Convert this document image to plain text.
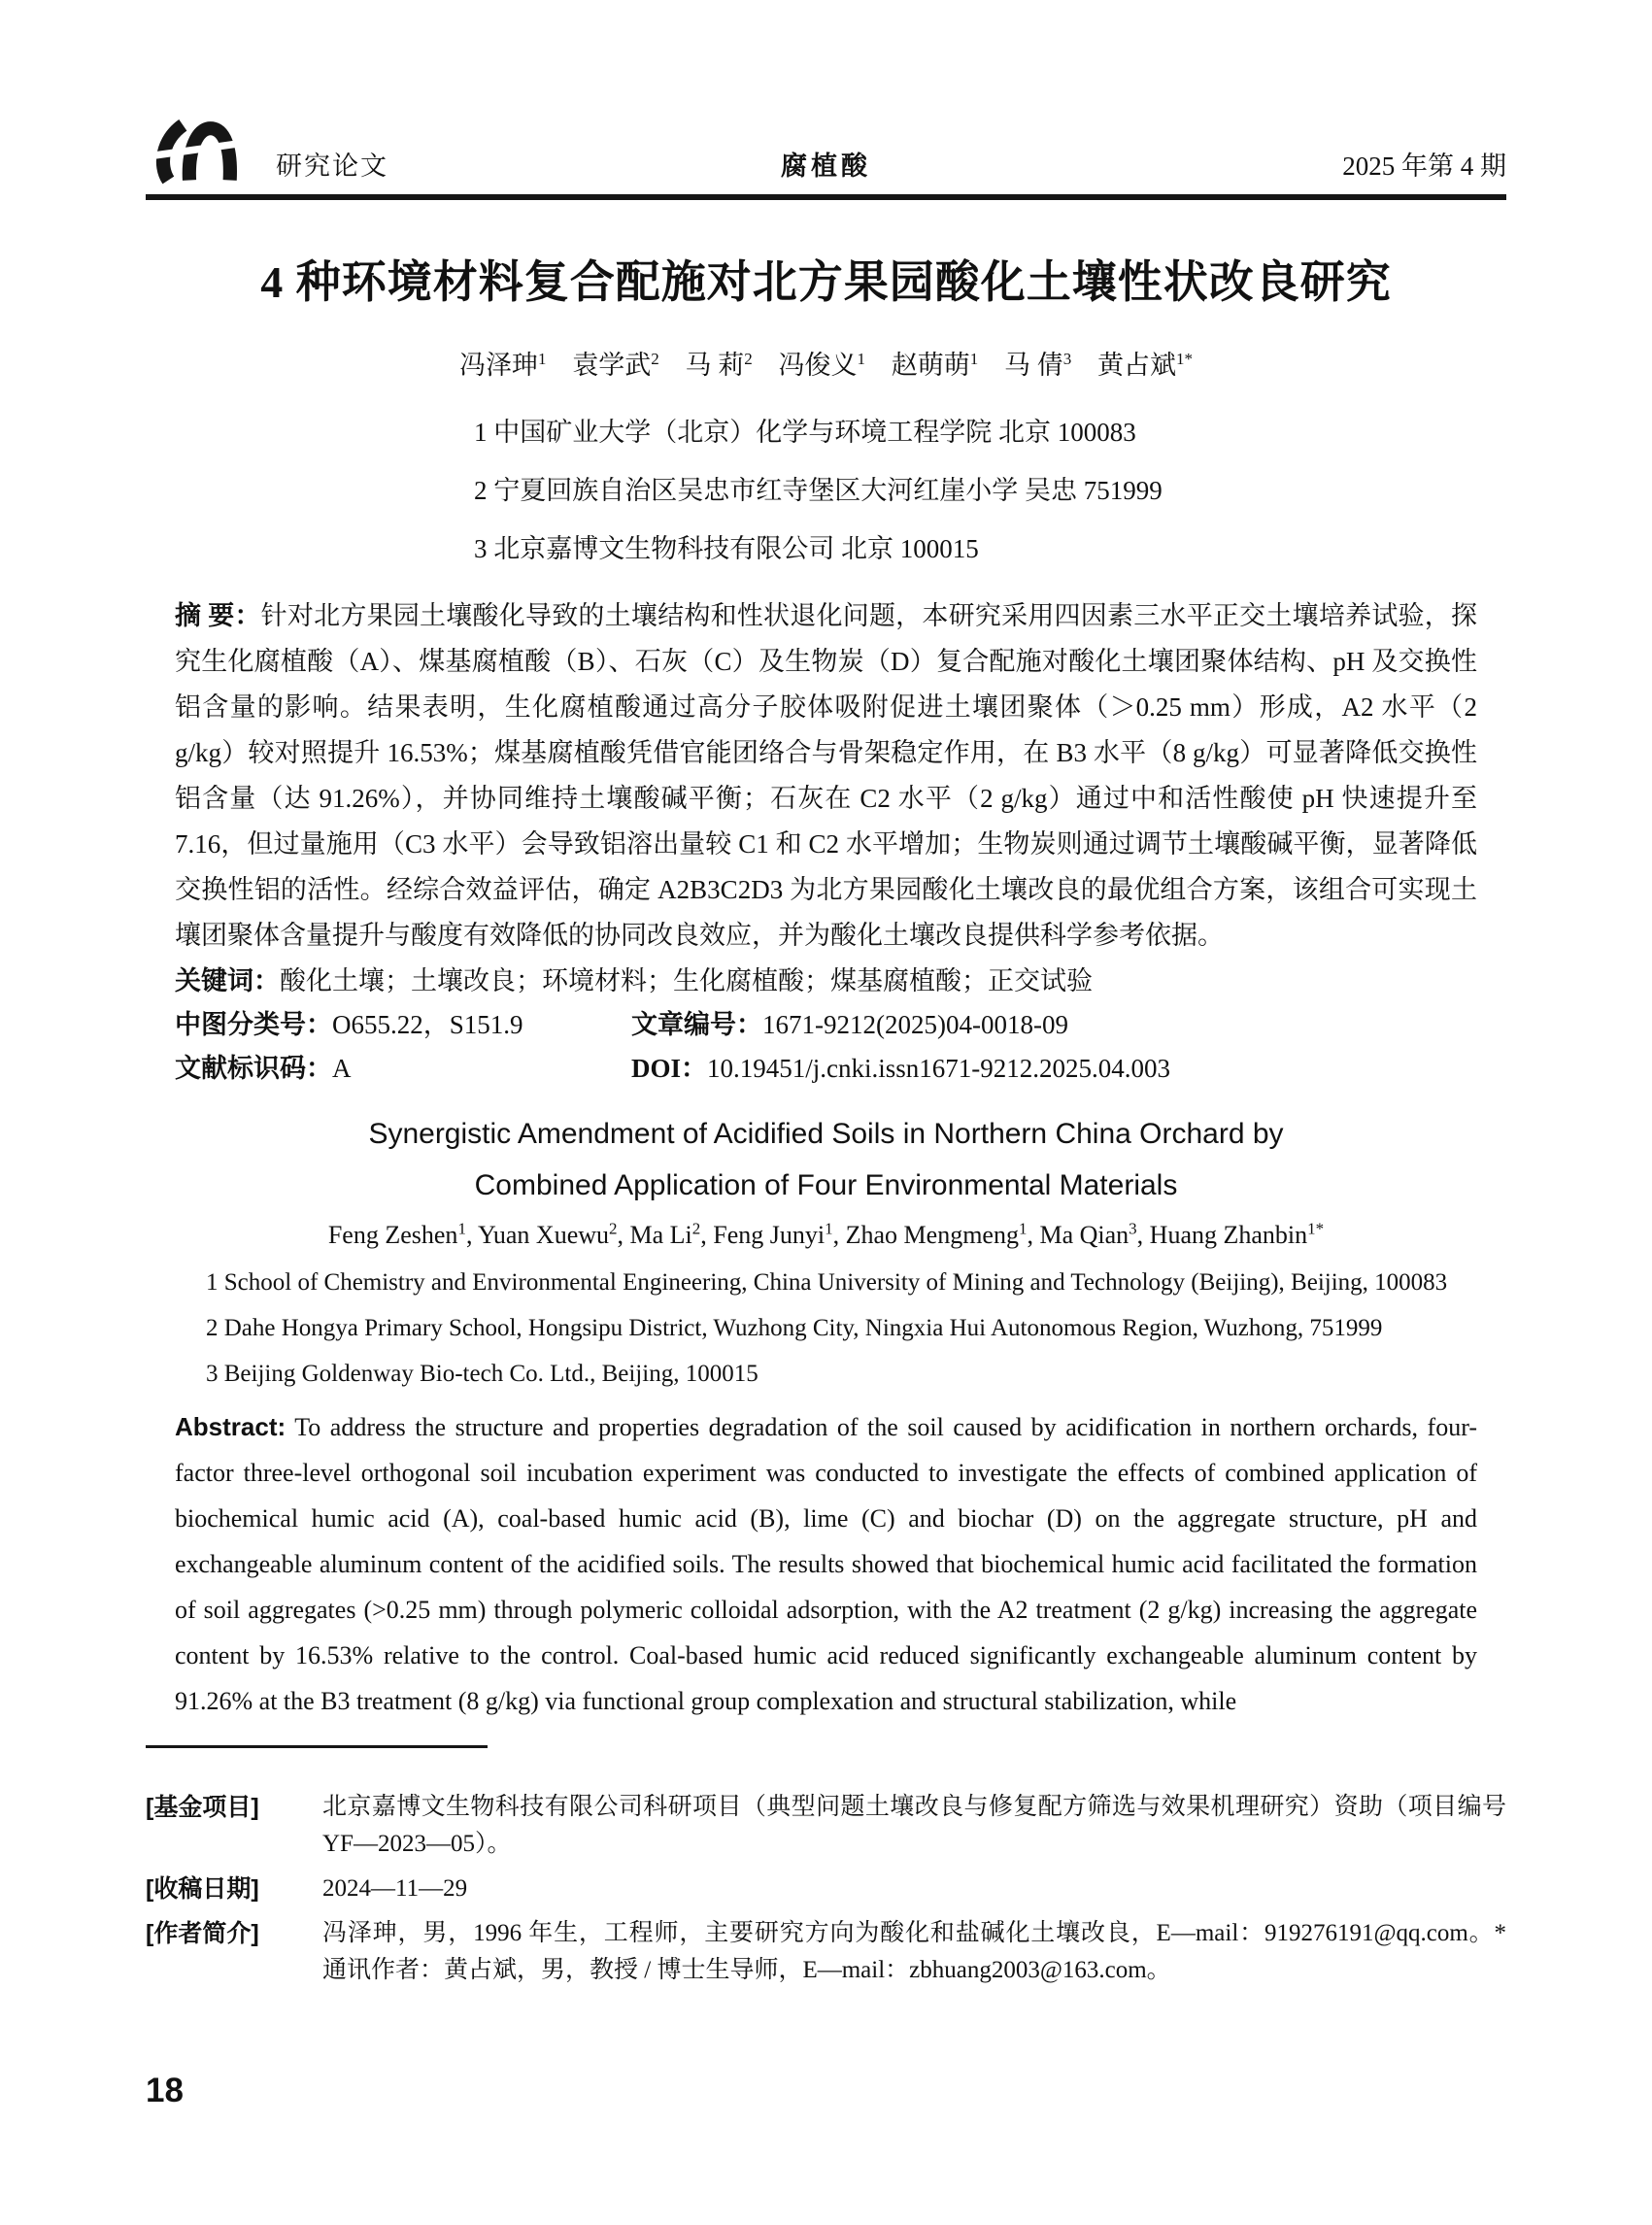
研究论文	腐植酸	2025 年第 4 期
4 种环境材料复合配施对北方果园酸化土壤性状改良研究
冯泽珅$^1$ 袁学武$^2$ 马 莉$^2$ 冯俊义$^1$ 赵萌萌$^1$ 马 倩$^3$ 黄占斌$^{1*}$
1 中国矿业大学（北京）化学与环境工程学院 北京 100083
2 宁夏回族自治区吴忠市红寺堡区大河红崖小学 吴忠 751999
3 北京嘉博文生物科技有限公司 北京 100015

摘 要：针对北方果园土壤酸化导致的土壤结构和性状退化问题，本研究采用四因素三水平正交土壤培养试验，探究生化腐植酸（A）、煤基腐植酸（B）、石灰（C）及生物炭（D）复合配施对酸化土壤团聚体结构、pH 及交换性铝含量的影响。结果表明，生化腐植酸通过高分子胶体吸附促进土壤团聚体（＞0.25 mm）形成，A2 水平（2 g/kg）较对照提升 16.53%；煤基腐植酸凭借官能团络合与骨架稳定作用，在 B3 水平（8 g/kg）可显著降低交换性铝含量（达 91.26%），并协同维持土壤酸碱平衡；石灰在 C2 水平（2 g/kg）通过中和活性酸使 pH 快速提升至 7.16，但过量施用（C3 水平）会导致铝溶出量较 C1 和 C2 水平增加；生物炭则通过调节土壤酸碱平衡，显著降低交换性铝的活性。经综合效益评估，确定 A2B3C2D3 为北方果园酸化土壤改良的最优组合方案，该组合可实现土壤团聚体含量提升与酸度有效降低的协同改良效应，并为酸化土壤改良提供科学参考依据。

关键词：酸化土壤；土壤改良；环境材料；生化腐植酸；煤基腐植酸；正交试验

中图分类号：O655.22，S151.9	文章编号：1671-9212(2025)04-0018-09
文献标识码：A	DOI：10.19451/j.cnki.issn1671-9212.2025.04.003
Synergistic Amendment of Acidified Soils in Northern China Orchard by
Combined Application of Four Environmental Materials
Feng Zeshen$^1$, Yuan Xuewu$^2$, Ma Li$^2$, Feng Junyi$^1$, Zhao Mengmeng$^1$, Ma Qian$^3$, Huang Zhanbin$^{1*}$
1 School of Chemistry and Environmental Engineering, China University of Mining and Technology (Beijing), Beijing, 100083
2 Dahe Hongya Primary School, Hongsipu District, Wuzhong City, Ningxia Hui Autonomous Region, Wuzhong, 751999
3 Beijing Goldenway Bio-tech Co. Ltd., Beijing, 100015

Abstract: To address the structure and properties degradation of the soil caused by acidification in northern orchards, four-factor three-level orthogonal soil incubation experiment was conducted to investigate the effects of combined application of biochemical humic acid (A), coal-based humic acid (B), lime (C) and biochar (D) on the aggregate structure, pH and exchangeable aluminum content of the acidified soils. The results showed that biochemical humic acid facilitated the formation of soil aggregates (>0.25 mm) through polymeric colloidal adsorption, with the A2 treatment (2 g/kg) increasing the aggregate content by 16.53% relative to the control. Coal-based humic acid reduced significantly exchangeable aluminum content by 91.26% at the B3 treatment (8 g/kg) via functional group complexation and structural stabilization, while

[基金项目]	北京嘉博文生物科技有限公司科研项目（典型问题土壤改良与修复配方筛选与效果机理研究）资助（项目编号 YF—2023—05）。
[收稿日期]	2024—11—29
[作者简介]	冯泽珅，男，1996 年生，工程师，主要研究方向为酸化和盐碱化土壤改良，E—mail：919276191@qq.com。* 通讯作者：黄占斌，男，教授 / 博士生导师，E—mail：zbhuang2003@163.com。
18
